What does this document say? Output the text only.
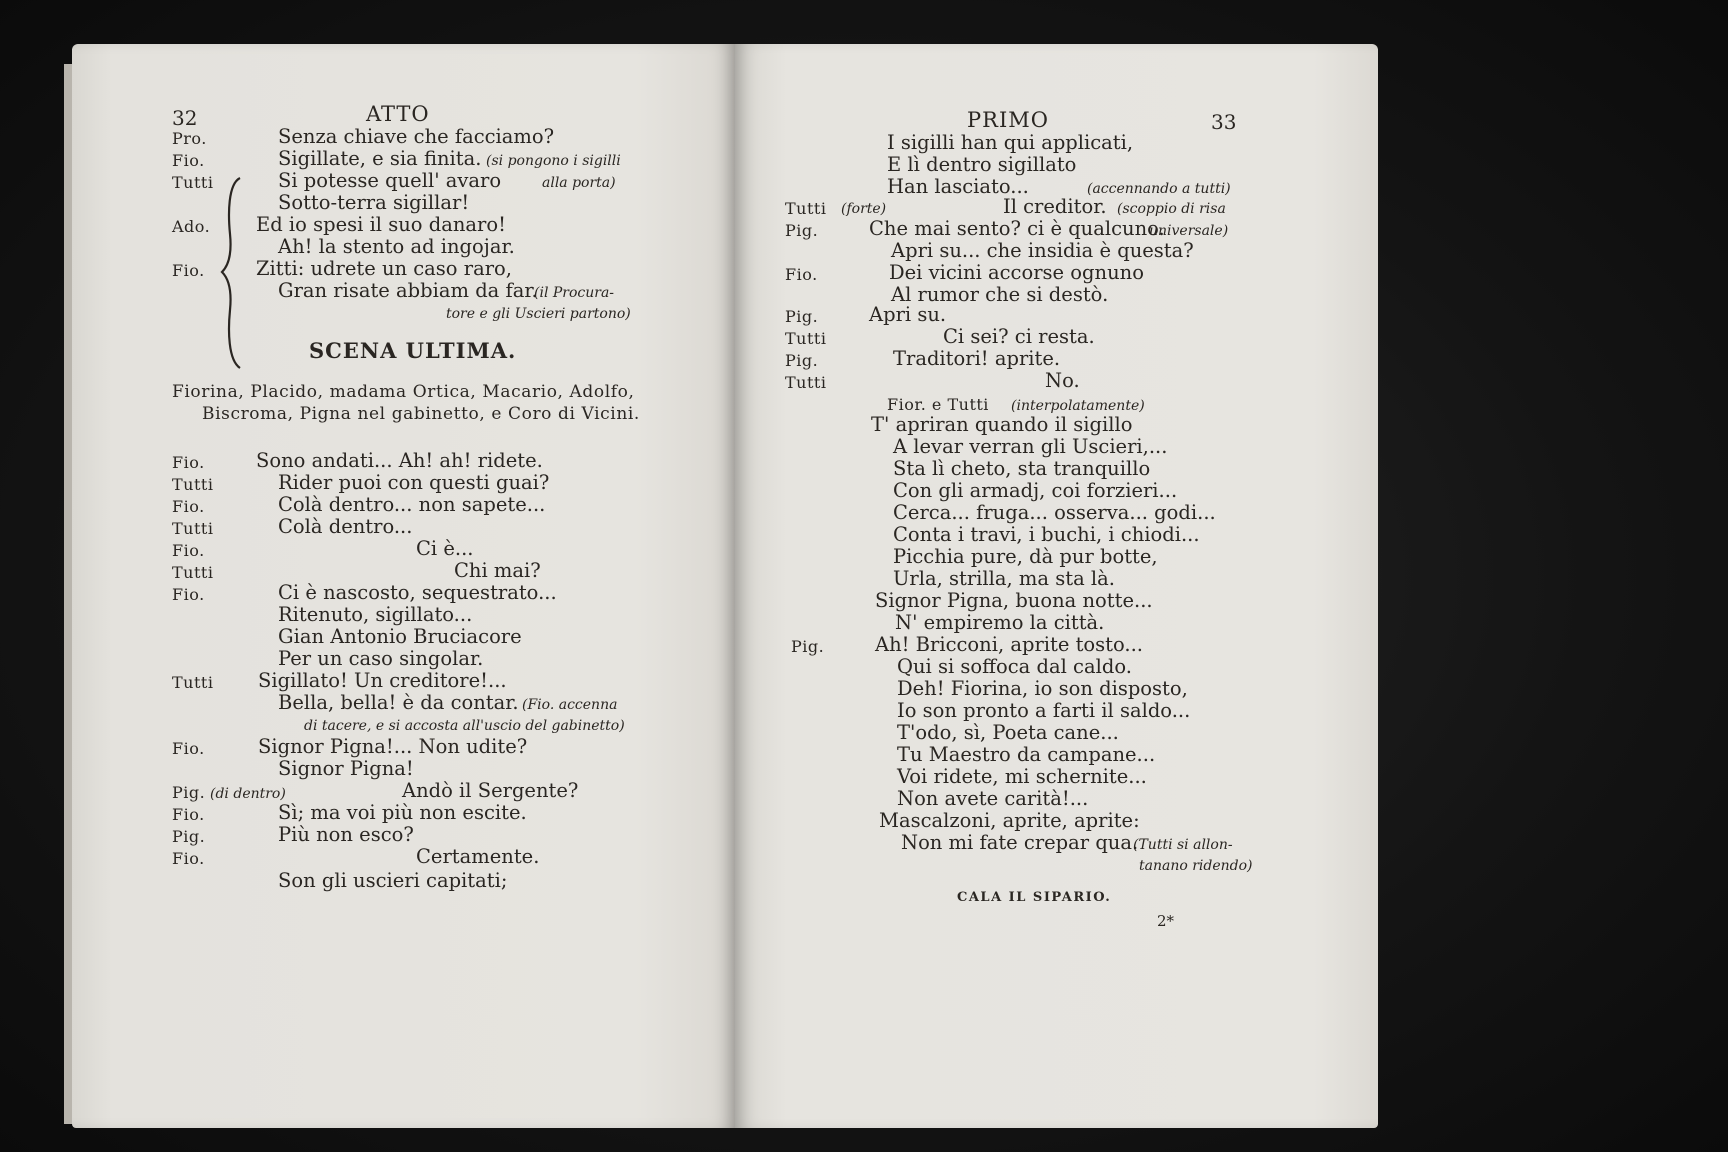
32	ATTO
Pro.	Senza chiave che facciamo?
Fio.	Sigillate, e sia finita. (si pongono i sigilli
Tutti	Si potesse quell' avaro	alla porta)
Sotto-terra sigillar!
Ado. Ed io spesi il suo danaro!
Ah! la stento ad ingojar.
Fio.	Zitti: udrete un caso raro,
Gran risate abbiam da far.
(il Procura-
tore e gli Uscieri partono)
SCENA ULTIMA.
Fiorina, Placido, madama Ortica, Macario, Adolfo,
Biscroma, Pigna nel gabinetto, e Coro di Vicini.
Fio.	Sono andati... Ah! ah! ridete.
Tutti	Rider puoi con questi guai?
Fio.	Colà dentro... non sapete...
Tutti	Colà dentro...
Fio.	Ci è...
Tutti	Chi mai?
Fio.	Ci è nascosto, sequestrato...
Ritenuto, sigillato...
Gian Antonio Bruciacore
Per un caso singolar.
Tutti Sigillato! Un creditore!...
Bella, bella! è da contar. (Fio. accenna
di tacere, e si accosta all'uscio del gabinetto)
Fio.	Signor Pigna!... Non udite?
Signor Pigna!
Pig. (di dentro)	Andò il Sergente?
Fio.	Sì; ma voi più non escite.
Pig.	Più non esco?
Fio.	Certamente.
Son gli uscieri capitati;
PRIMO	33
I sigilli han qui applicati,
E lì dentro sigillato
Han lasciato...	(accennando a tutti)
Tutti (forte)	Il creditor. (scoppio di risa
Pig.	Che mai sento? ci è qualcuno.
universale)
Apri su... che insidia è questa?
Fio.	Dei vicini accorse ognuno
Al rumor che si destò.
Pig.	Apri su.
Tutti	Ci sei? ci resta.
Pig.	Traditori! aprite.
Tutti	No.
Fior. e Tutti (interpolatamente)
T' apriran quando il sigillo
A levar verran gli Uscieri,...
Sta lì cheto, sta tranquillo
Con gli armadj, coi forzieri...
Cerca... fruga... osserva... godi...
Conta i travi, i buchi, i chiodi...
Picchia pure, dà pur botte,
Urla, strilla, ma sta là.
Signor Pigna, buona notte...
N' empiremo la città.
Pig.	Ah! Bricconi, aprite tosto...
Qui si soffoca dal caldo.
Deh! Fiorina, io son disposto,
Io son pronto a farti il saldo...
T'odo, sì, Poeta cane...
Tu Maestro da campane...
Voi ridete, mi schernite...
Non avete carità!...
Mascalzoni, aprite, aprite:
Non mi fate crepar qua.
(Tutti si allon-
tanano ridendo)
CALA IL SIPARIO.
2*
